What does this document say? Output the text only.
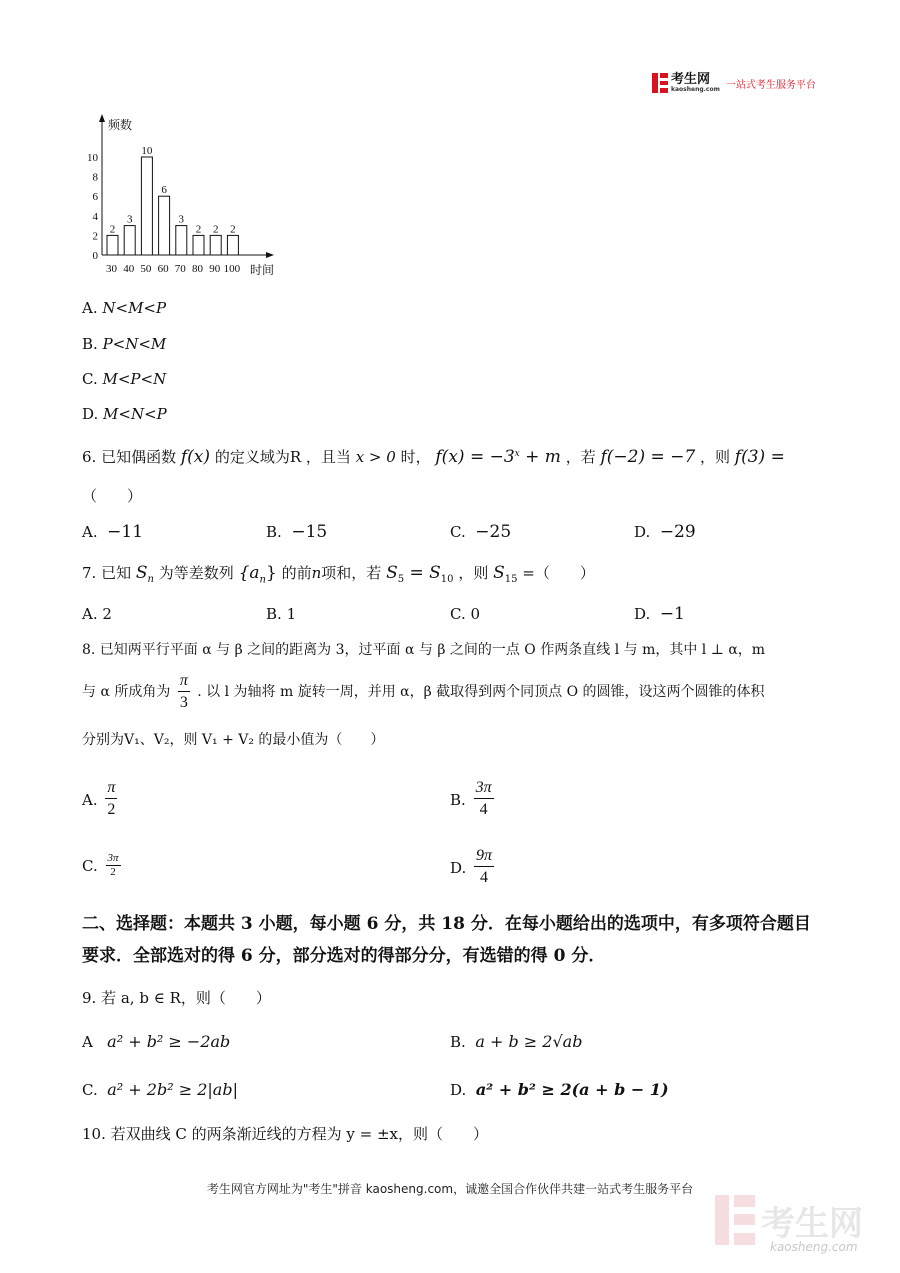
考生网
kaosheng.com 一站式考生服务平台
频数
时间
0
2
4
6
8
10
2
3
10
6
3
2 2 2
30 40 50 60 70 80 90 100
A. N<M<P
B. P<N<M
C. M<P<N
D. M<N<P
6. 已知偶函数 f(x) 的定义域为R ，且当 x > 0 时， $f(x) = -3^x + m$ ，若 f(−2) = −7 ，则 f(3) =
（　　）
A. −11	B. −15	C. −25	D. −29
7. 已知 $S_n$ 为等差数列 $\{a_n\}$ 的前n项和，若 $S_5 = S_{10}$ ，则 $S_{15}$ =（　　）
A. 2	B. 1	C. 0	D. −1
8. 已知两平行平面 α 与 β 之间的距离为 3，过平面 α 与 β 之间的一点 O 作两条直线 l 与 m，其中 l ⊥ α，m
与 α 所成角为 $\frac{\pi}{3}$ . 以 l 为轴将 m 旋转一周，并用 α，β 截取得到两个同顶点 O 的圆锥，设这两个圆锥的体积
分别为V₁、V₂，则 V₁ + V₂ 的最小值为（　　）
A. $\frac{\pi}{2}$	B. $\frac{3\pi}{4}$
C. $\frac{3\pi}{2}$	D. $\frac{9\pi}{4}$
二、选择题：本题共 3 小题，每小题 6 分，共 18 分．在每小题给出的选项中，有多项符合题目要求．全部选对的得 6 分，部分选对的得部分分，有选错的得 0 分．
9. 若 a, b ∈ R，则（　　）
A a² + b² ≥ −2ab	B. a + b ≥ 2√ab
C. a² + 2b² ≥ 2|ab|	D. a² + b² ≥ 2(a + b − 1)
10. 若双曲线 C 的两条渐近线的方程为 y = ±x，则（　　）
考生网官方网址为"考生"拼音 kaosheng.com，诚邀全国合作伙伴共建一站式考生服务平台
考生网
kaosheng.com
